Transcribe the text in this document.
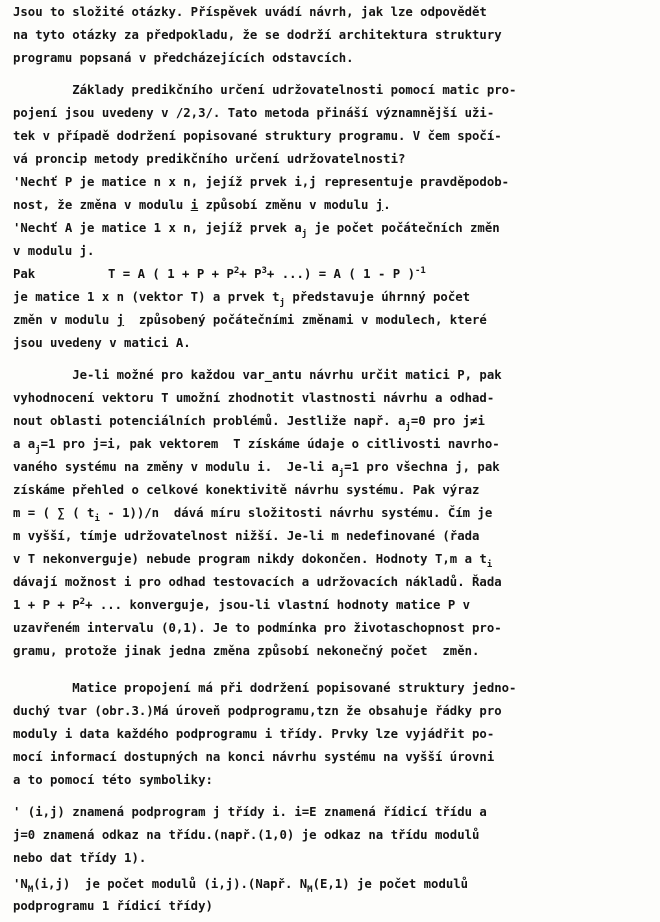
Jsou to složité otázky. Příspěvek uvádí návrh, jak lze odpovědět
na tyto otázky za předpokladu, že se dodrží architektura struktury
programu popsaná v předcházejících odstavcích.
Základy predikčního určení udržovatelnosti pomocí matic pro-
pojení jsou uvedeny v /2,3/. Tato metoda přináší významnější uži-
tek v případě dodržení popisované struktury programu. V čem spočí-
vá proncip metody predikčního určení udržovatelnosti?
'Nechť P je matice n x n, jejíž prvek i,j representuje pravděpodob-
nost, že změna v modulu i způsobí změnu v modulu j.
'Nechť A je matice 1 x n, jejíž prvek $a_j$ je počet počátečních změn
v modulu j.
Pak	T = A ( $1 + P + P^2+ P^3+$ ...) = A ( 1 - P )$^{-1}$
je matice 1 x n (vektor T) a prvek $t_j$ představuje úhrnný počet
změn v modulu j  způsobený počátečními změnami v modulech, které
jsou uvedeny v matici A.
Je-li možné pro každou var_antu návrhu určit matici P, pak
vyhodnocení vektoru T umožní zhodnotit vlastnosti návrhu a odhad-
nout oblasti potenciálních problémů. Jestliže např. $a_j=0$ pro j≠i
a $a_j=1$ pro j=i, pak vektorem  T získáme údaje o citlivosti navrho-
vaného systému na změny v modulu i.  Je-li $a_j=1$ pro všechna j, pak
získáme přehled o celkové konektivitě návrhu systému. Pak výraz
m = ( ∑ ( $t_i - 1))/n$  dává míru složitosti návrhu systému. Čím je
m vyšší, tímje udržovatelnost nižší. Je-li m nedefinované (řada
v T nekonverguje) nebude program nikdy dokončen. Hodnoty T,m a $t_i$
dávají možnost i pro odhad testovacích a udržovacích nákladů. Řada
$1 + P + P^2+$ ... konverguje, jsou-li vlastní hodnoty matice P v
uzavřeném intervalu (0,1). Je to podmínka pro životaschopnost pro-
gramu, protože jinak jedna změna způsobí nekonečný počet  změn.
Matice propojení má při dodržení popisované struktury jedno-
duchý tvar (obr.3.)Má úroveň podprogramu,tzn že obsahuje řádky pro
moduly i data každého podprogramu i třídy. Prvky lze vyjádřit po-
mocí informací dostupných na konci návrhu systému na vyšší úrovni
a to pomocí této symboliky:
' (i,j) znamená podprogram j třídy i. i=E znamená řídicí třídu a
j=0 znamená odkaz na třídu.(např.(1,0) je odkaz na třídu modulů
nebo dat třídy 1).
'$N_M(i,j)$  je počet modulů (i,j).(Např. $N_M(E,1)$ je počet modulů
podprogramu 1 řídicí třídy)
